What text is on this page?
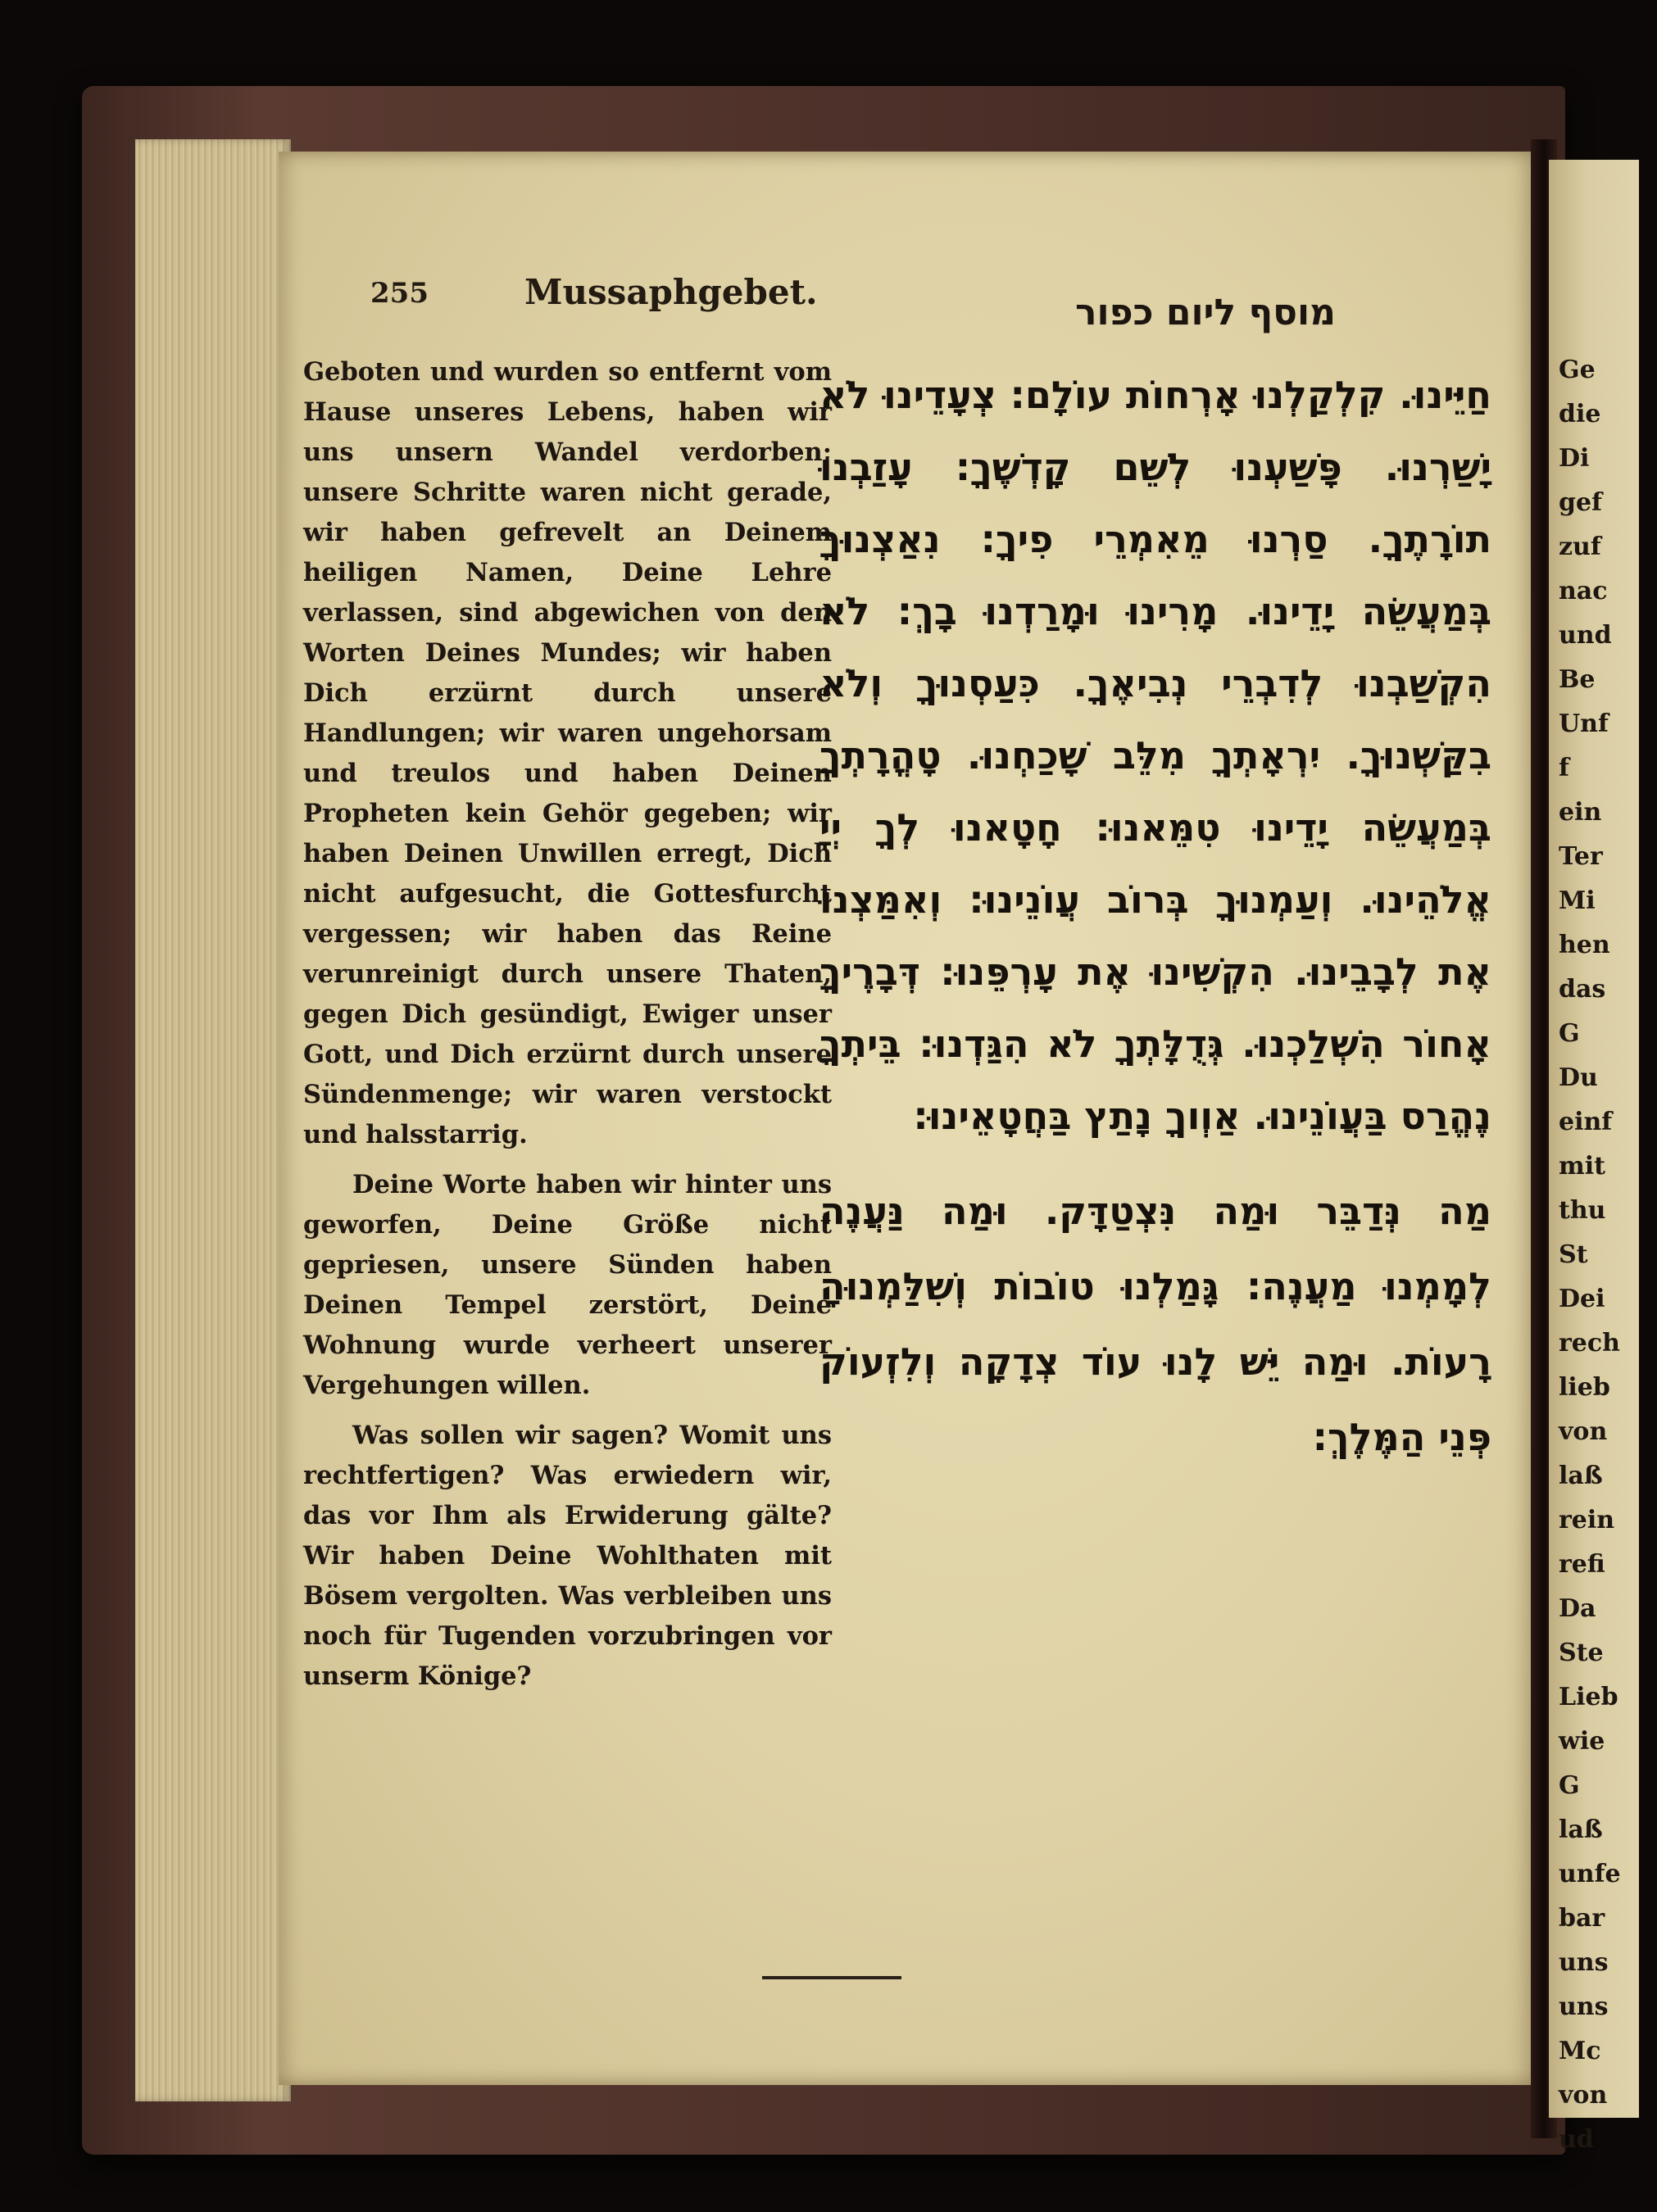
255	Mussaphgebet.	מוסף ליום כפור

Geboten und wurden so entfernt vom Hause unseres Lebens, haben wir uns unsern Wandel verdorben; unsere Schritte waren nicht gerade, wir haben gefrevelt an Deinem heiligen Namen, Deine Lehre verlassen, sind abgewichen von den Worten Deines Mundes; wir haben Dich erzürnt durch unsere Handlungen; wir waren ungehorsam und treulos und haben Deinen Propheten kein Gehör gegeben; wir haben Deinen Unwillen erregt, Dich nicht aufgesucht, die Gottesfurcht vergessen; wir haben das Reine verunreinigt durch unsere Thaten, gegen Dich gesündigt, Ewiger unser Gott, und Dich erzürnt durch unsere Sündenmenge; wir waren verstockt und halsstarrig.

Deine Worte haben wir hinter uns geworfen, Deine Größe nicht gepriesen, unsere Sünden haben Deinen Tempel zerstört, Deine Wohnung wurde verheert unserer Vergehungen willen.

Was sollen wir sagen? Womit uns rechtfertigen? Was erwiedern wir, das vor Ihm als Erwiderung gälte? Wir haben Deine Wohlthaten mit Bösem vergolten. Was verbleiben uns noch für Tugenden vorzubringen vor unserm Könige?

חַיֵּינוּ. קִלְקַלְנוּ אָרְחוֹת עוֹלָם: צְעָדֵינוּ לֹא יָשַׁרְנוּ. פָּשַׁעְנוּ לְשֵׁם קָדְשֶׁךָ: עָזַבְנוּ תוֹרָתֶךָ. סַרְנוּ מֵאִמְרֵי פִיךָ: נִאַצְנוּךָ בְּמַעֲשֵׂה יָדֵינוּ. מָרִינוּ וּמָרַדְנוּ בָךְ: לֹא הִקְשַׁבְנוּ לְדִבְרֵי נְבִיאֶךָ. כִּעַסְנוּךָ וְלֹא בִקַּשְׁנוּךָ. יִרְאָתְךָ מִלֵּב שָׁכַחְנוּ. טָהֳרָתְךָ בְּמַעֲשֵׂה יָדֵינוּ טִמֵּאנוּ: חָטָאנוּ לְךָ יְיָ אֱלֹהֵינוּ. וְעַמְנוּךָ בְּרוֹב עֲוֹנֵינוּ: וְאִמַּצְנוּ אֶת לְבָבֵינוּ. הִקְשִׁינוּ אֶת עָרְפֵּנוּ: דְּבָרֶיךָ אָחוֹר הִשְׁלַכְנוּ. גְּדֻלָּתְךָ לֹא הִגַּדְנוּ: בֵּיתְךָ נֶהֱרַס בַּעֲוֹנֵינוּ. אַוְוךָ נָתַץ בַּחֲטָאֵינוּ:

מַה נְּדַבֵּר וּמַה נִּצְטַדָּק. וּמַה נַּעֲנֶה לְמָמְנוּ מַעֲנֶה: גָּמַלְנוּ טוֹבוֹת וְשִׁלַּמְנוּהָ רָעוֹת. וּמַה יֵּשׁ לָנוּ עוֹד צְדָקָה וְלִזְעוֹק פְּנֵי הַמֶּלֶךְ:

Ge
die
Di
gef
zuf
nac
und
Be
Unf
f
ein
Ter
Mi
hen
das
G
Du
einf
mit
thu
St
Dei
rech
lieb
von
laß
rein
refi
Da
Ste
Lieb
wie
G
laß
unfe
bar
uns
uns
Mc
von
ud
